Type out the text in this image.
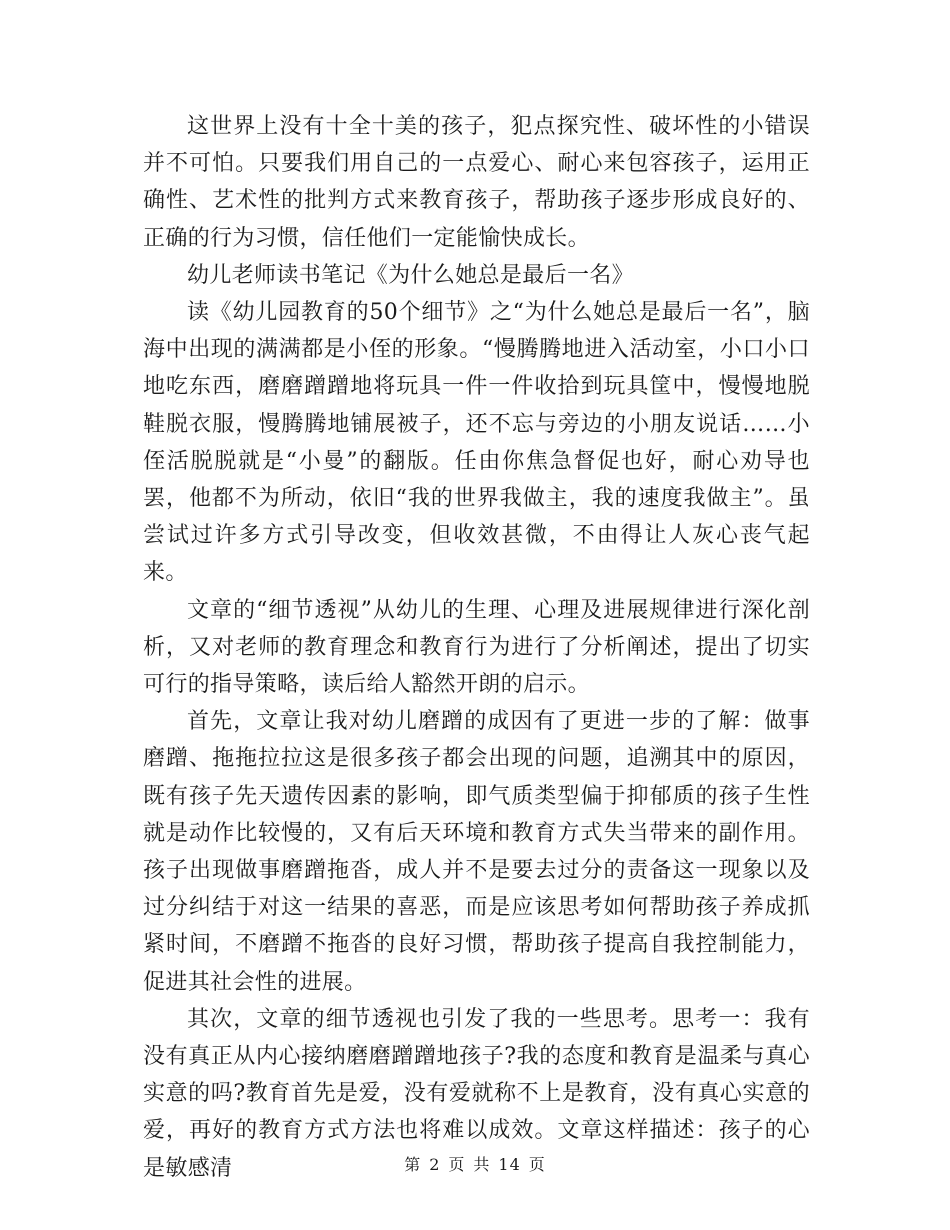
这世界上没有十全十美的孩子，犯点探究性、破坏性的小错误并不可怕。只要我们用自己的一点爱心、耐心来包容孩子，运用正确性、艺术性的批判方式来教育孩子，帮助孩子逐步形成良好的、正确的行为习惯，信任他们一定能愉快成长。

幼儿老师读书笔记《为什么她总是最后一名》

读《幼儿园教育的50个细节》之“为什么她总是最后一名”，脑海中出现的满满都是小侄的形象。“慢腾腾地进入活动室，小口小口地吃东西，磨磨蹭蹭地将玩具一件一件收拾到玩具筐中，慢慢地脱鞋脱衣服，慢腾腾地铺展被子，还不忘与旁边的小朋友说话……小侄活脱脱就是“小曼”的翻版。任由你焦急督促也好，耐心劝导也罢，他都不为所动，依旧“我的世界我做主，我的速度我做主”。虽尝试过许多方式引导改变，但收效甚微，不由得让人灰心丧气起来。

文章的“细节透视”从幼儿的生理、心理及进展规律进行深化剖析，又对老师的教育理念和教育行为进行了分析阐述，提出了切实可行的指导策略，读后给人豁然开朗的启示。

首先，文章让我对幼儿磨蹭的成因有了更进一步的了解：做事磨蹭、拖拖拉拉这是很多孩子都会出现的问题，追溯其中的原因，既有孩子先天遗传因素的影响，即气质类型偏于抑郁质的孩子生性就是动作比较慢的，又有后天环境和教育方式失当带来的副作用。孩子出现做事磨蹭拖沓，成人并不是要去过分的责备这一现象以及过分纠结于对这一结果的喜恶，而是应该思考如何帮助孩子养成抓紧时间，不磨蹭不拖沓的良好习惯，帮助孩子提高自我控制能力，促进其社会性的进展。

其次，文章的细节透视也引发了我的一些思考。思考一：我有没有真正从内心接纳磨磨蹭蹭地孩子?我的态度和教育是温柔与真心实意的吗?教育首先是爱，没有爱就称不上是教育，没有真心实意的爱，再好的教育方式方法也将难以成效。文章这样描述：孩子的心是敏感清	第 2 页 共 14 页
